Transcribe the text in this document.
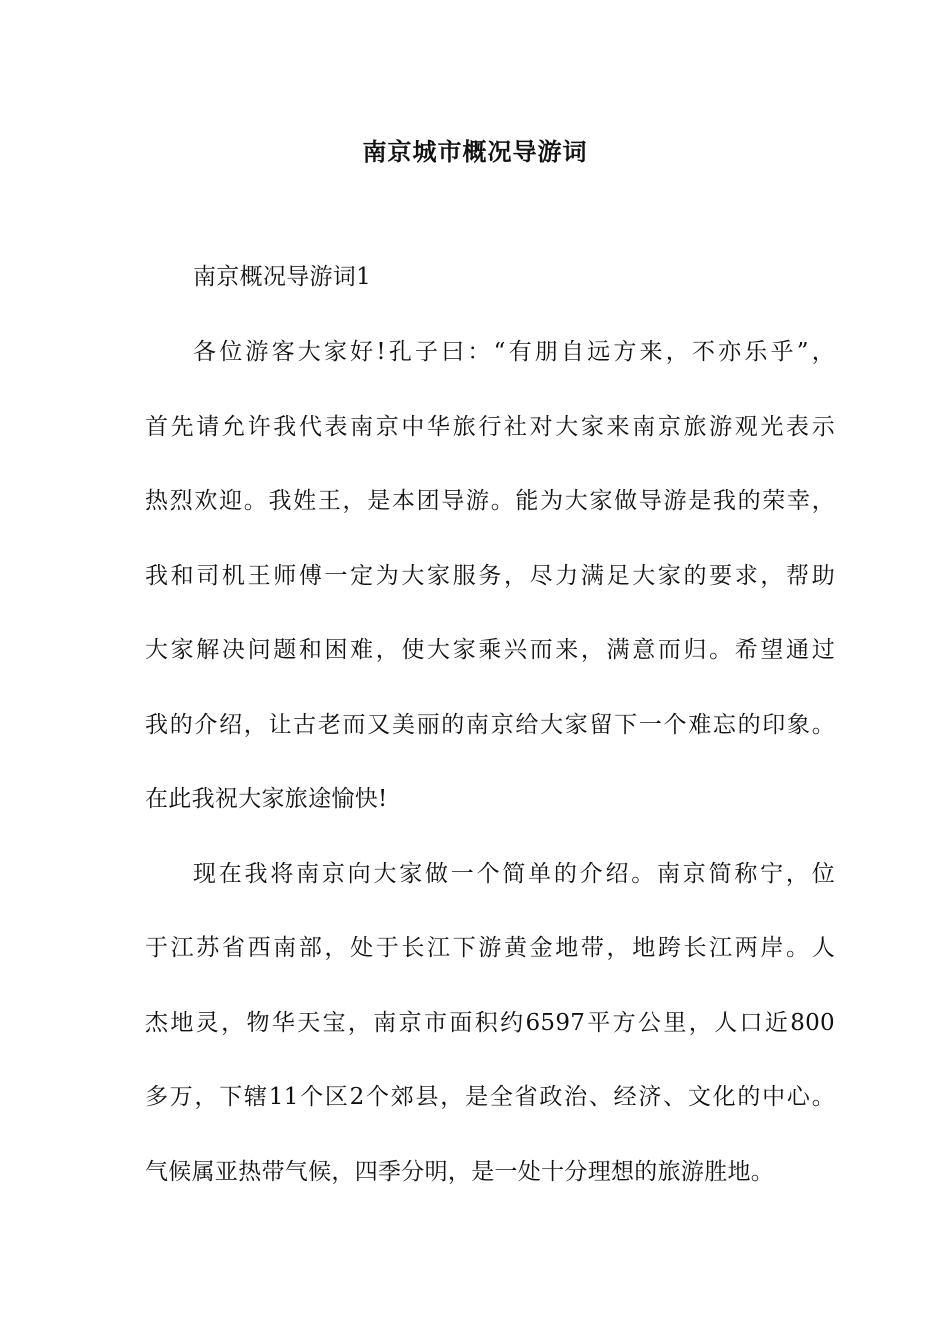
南京城市概况导游词
南京概况导游词1
各位游客大家好!孔子曰：“有朋自远方来，不亦乐乎”，
首先请允许我代表南京中华旅行社对大家来南京旅游观光表示
热烈欢迎。我姓王，是本团导游。能为大家做导游是我的荣幸，
我和司机王师傅一定为大家服务，尽力满足大家的要求，帮助
大家解决问题和困难，使大家乘兴而来，满意而归。希望通过
我的介绍，让古老而又美丽的南京给大家留下一个难忘的印象。
在此我祝大家旅途愉快!
现在我将南京向大家做一个简单的介绍。南京简称宁，位
于江苏省西南部，处于长江下游黄金地带，地跨长江两岸。人
杰地灵，物华天宝，南京市面积约6597平方公里，人口近800
多万，下辖11个区2个郊县，是全省政治、经济、文化的中心。
气候属亚热带气候，四季分明，是一处十分理想的旅游胜地。
